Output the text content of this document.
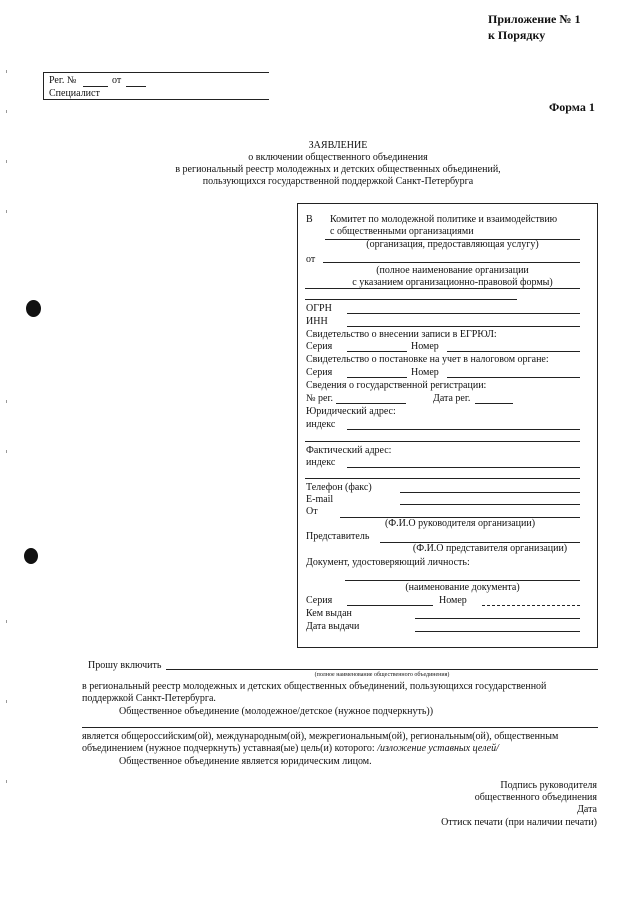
Приложение № 1
к Порядку
Форма 1
Рег. №	от
Специалист
ЗАЯВЛЕНИЕ
о включении общественного объединения
в региональный реестр молодежных и детских общественных объединений,
пользующихся государственной поддержкой Санкт-Петербурга
В Комитет по молодежной политике и взаимодействию
с общественными организациями
(организация, предоставляющая услугу)
от
(полное наименование организации
с указанием организационно-правовой формы)
ОГРН
ИНН
Свидетельство о внесении записи в ЕГРЮЛ:
Серия	Номер
Свидетельство о постановке на учет в налоговом органе:
Серия	Номер
Сведения о государственной регистрации:
№ рег.	Дата рег.
Юридический адрес:
индекс
Фактический адрес:
индекс
Телефон (факс)
E-mail
От
(Ф.И.О руководителя организации)
Представитель
(Ф.И.О представителя организации)
Документ, удостоверяющий личность:
(наименование документа)
Серия	Номер
Кем выдан
Дата выдачи
Прошу включить
(полное наименование общественного объединения)
в региональный реестр молодежных и детских общественных объединений, пользующихся государственной
поддержкой Санкт-Петербурга.
Общественное объединение (молодежное/детское (нужное подчеркнуть))
является общероссийским(ой), международным(ой), межрегиональным(ой), региональным(ой), общественным
объединением (нужное подчеркнуть) уставная(ые) цель(и) которого: /изложение уставных целей/
Общественное объединение является юридическим лицом.
Подпись руководителя
общественного объединения
Дата
Оттиск печати (при наличии печати)
